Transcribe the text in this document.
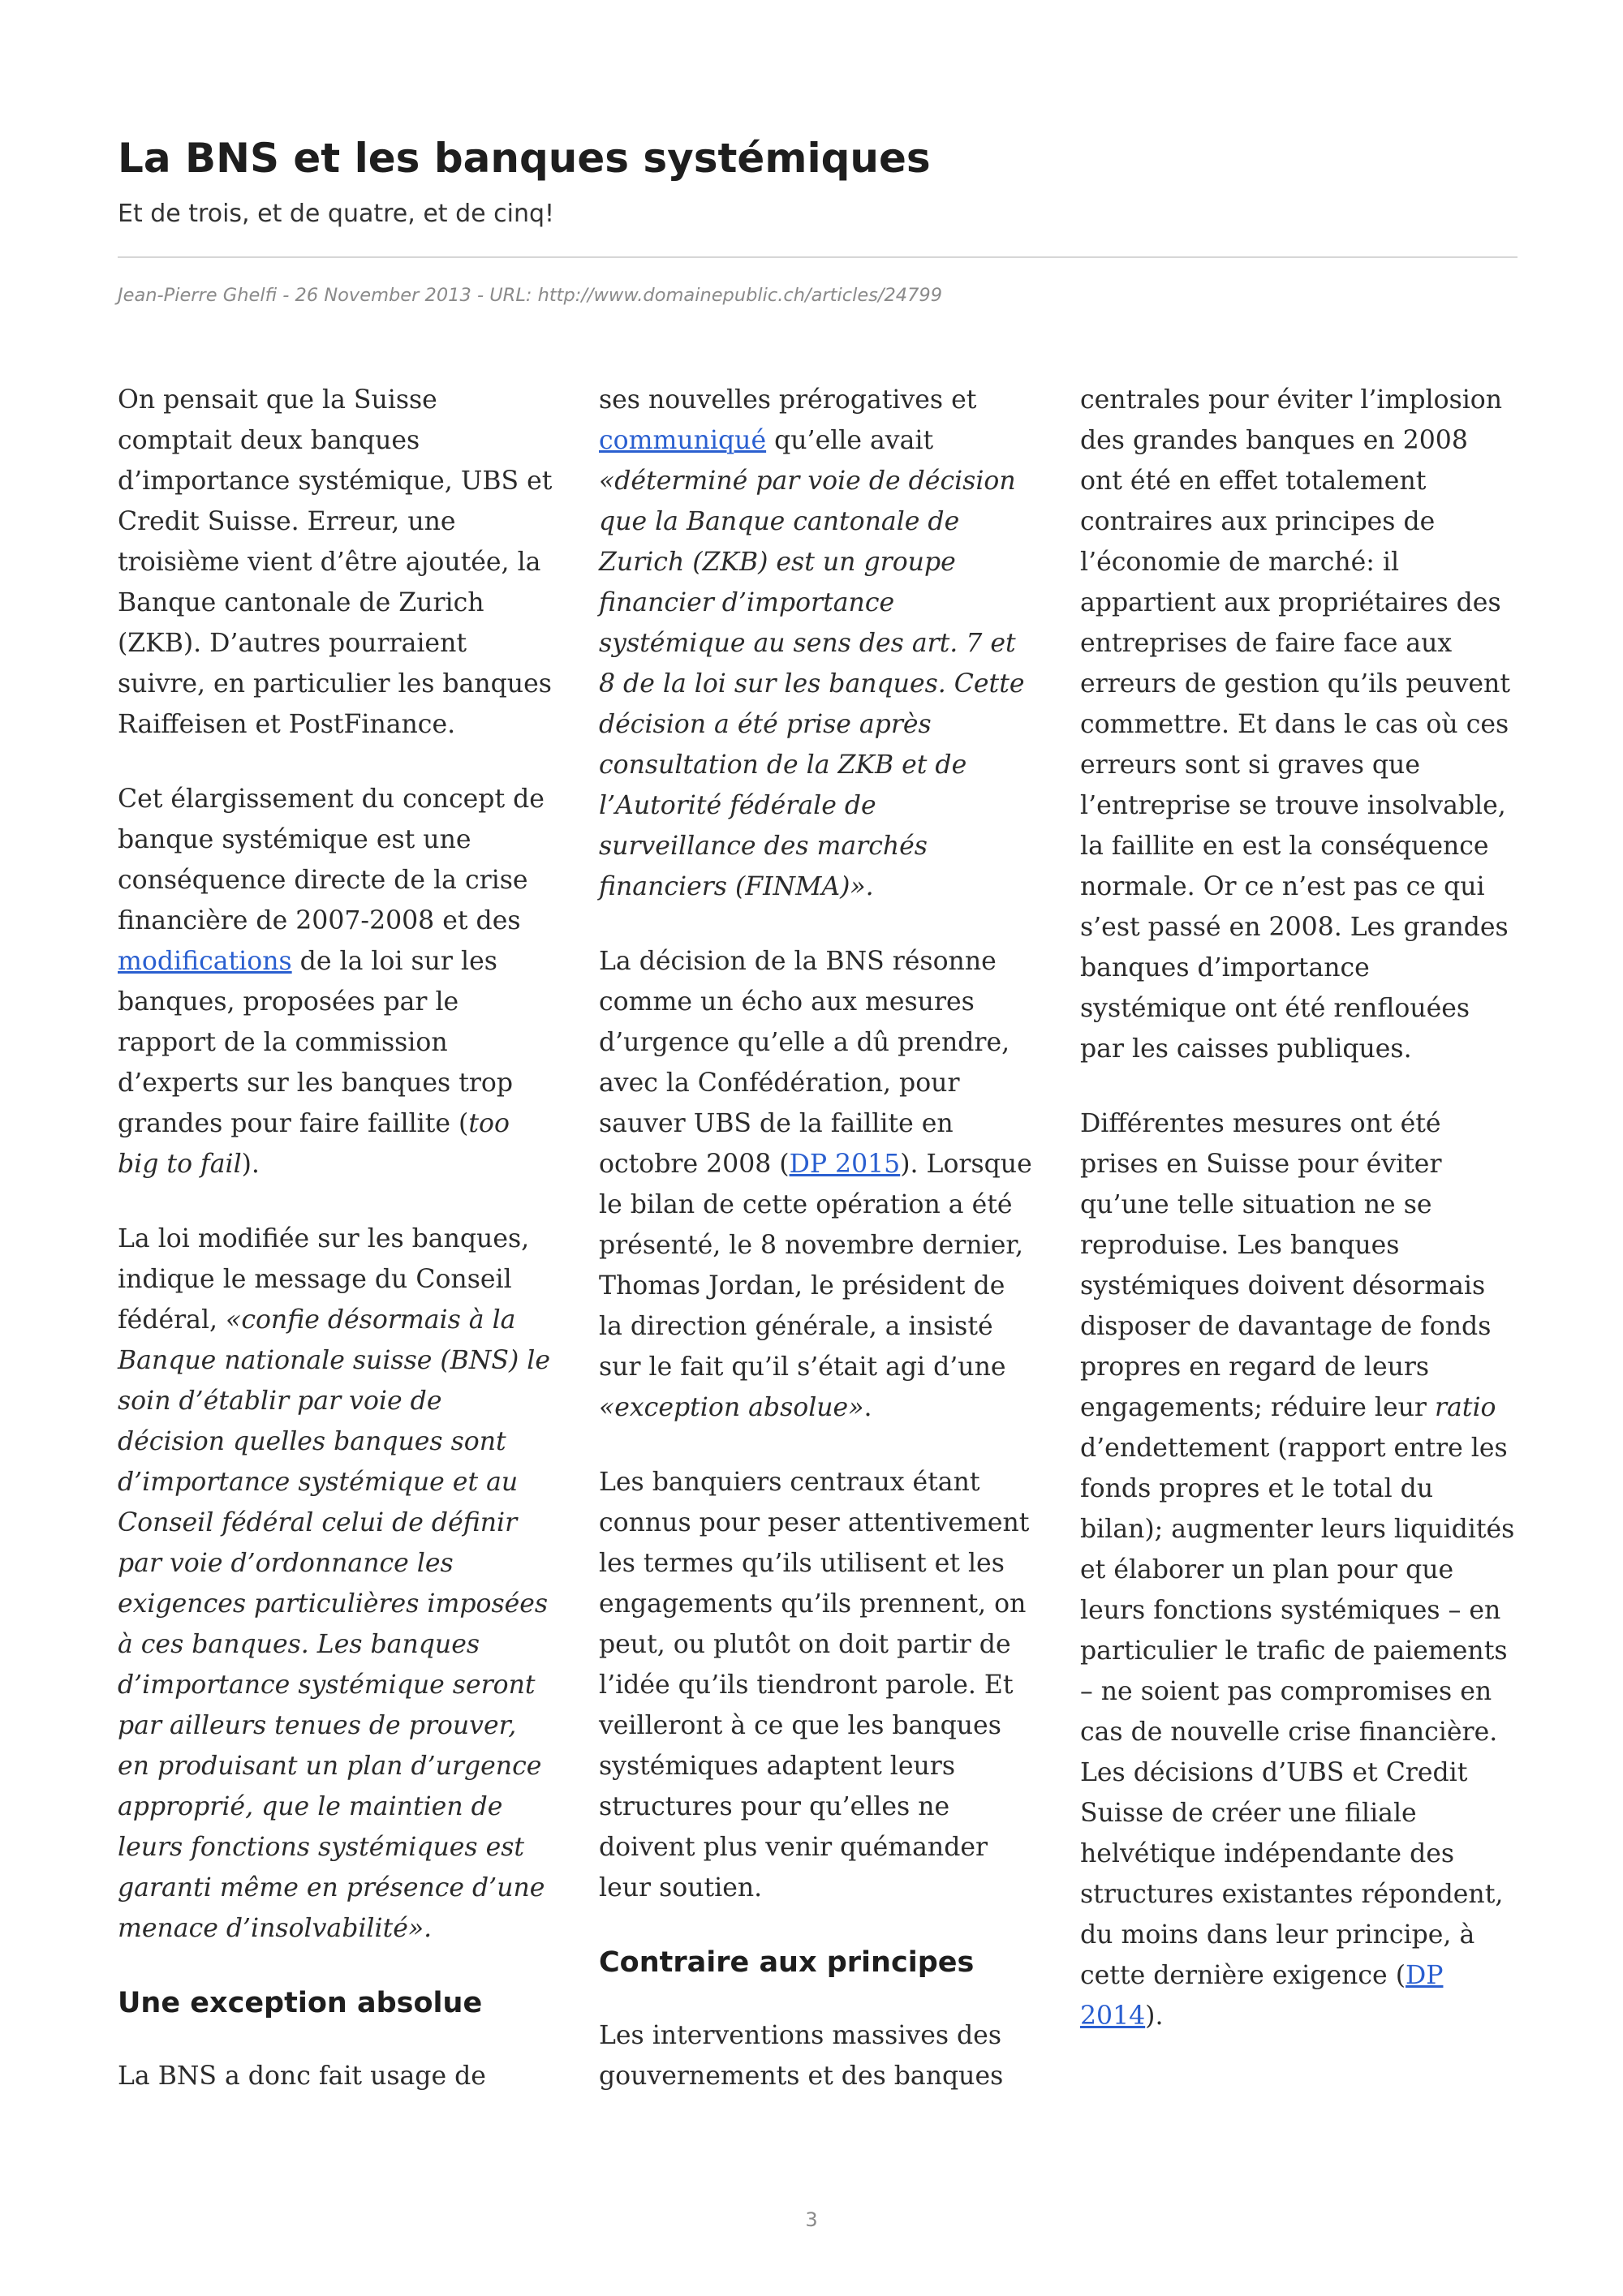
La BNS et les banques systémiques
Et de trois, et de quatre, et de cinq!
Jean-Pierre Ghelfi - 26 November 2013 - URL: http://www.domainepublic.ch/articles/24799

On pensait que la Suisse comptait deux banques d’importance systémique, UBS et Credit Suisse. Erreur, une troisième vient d’être ajoutée, la Banque cantonale de Zurich (ZKB). D’autres pourraient suivre, en particulier les banques Raiffeisen et PostFinance.

Cet élargissement du concept de banque systémique est une conséquence directe de la crise financière de 2007-2008 et des modifications de la loi sur les banques, proposées par le rapport de la commission d’experts sur les banques trop grandes pour faire faillite (too big to fail).

La loi modifiée sur les banques, indique le message du Conseil fédéral, «confie désormais à la Banque nationale suisse (BNS) le soin d’établir par voie de décision quelles banques sont d’importance systémique et au Conseil fédéral celui de définir par voie d’ordonnance les exigences particulières imposées à ces banques. Les banques d’importance systémique seront par ailleurs tenues de prouver, en produisant un plan d’urgence approprié, que le maintien de leurs fonctions systémiques est garanti même en présence d’une menace d’insolvabilité».

Une exception absolue

La BNS a donc fait usage de

ses nouvelles prérogatives et communiqué qu’elle avait «déterminé par voie de décision que la Banque cantonale de Zurich (ZKB) est un groupe financier d’importance systémique au sens des art. 7 et 8 de la loi sur les banques. Cette décision a été prise après consultation de la ZKB et de l’Autorité fédérale de surveillance des marchés financiers (FINMA)».

La décision de la BNS résonne comme un écho aux mesures d’urgence qu’elle a dû prendre, avec la Confédération, pour sauver UBS de la faillite en octobre 2008 (DP 2015). Lorsque le bilan de cette opération a été présenté, le 8 novembre dernier, Thomas Jordan, le président de la direction générale, a insisté sur le fait qu’il s’était agi d’une «exception absolue».

Les banquiers centraux étant connus pour peser attentivement les termes qu’ils utilisent et les engagements qu’ils prennent, on peut, ou plutôt on doit partir de l’idée qu’ils tiendront parole. Et veilleront à ce que les banques systémiques adaptent leurs structures pour qu’elles ne doivent plus venir quémander leur soutien.

Contraire aux principes

Les interventions massives des gouvernements et des banques

centrales pour éviter l’implosion des grandes banques en 2008 ont été en effet totalement contraires aux principes de l’économie de marché: il appartient aux propriétaires des entreprises de faire face aux erreurs de gestion qu’ils peuvent commettre. Et dans le cas où ces erreurs sont si graves que l’entreprise se trouve insolvable, la faillite en est la conséquence normale. Or ce n’est pas ce qui s’est passé en 2008. Les grandes banques d’importance systémique ont été renflouées par les caisses publiques.

Différentes mesures ont été prises en Suisse pour éviter qu’une telle situation ne se reproduise. Les banques systémiques doivent désormais disposer de davantage de fonds propres en regard de leurs engagements; réduire leur ratio d’endettement (rapport entre les fonds propres et le total du bilan); augmenter leurs liquidités et élaborer un plan pour que leurs fonctions systémiques – en particulier le trafic de paiements – ne soient pas compromises en cas de nouvelle crise financière. Les décisions d’UBS et Credit Suisse de créer une filiale helvétique indépendante des structures existantes répondent, du moins dans leur principe, à cette dernière exigence (DP 2014).

3
